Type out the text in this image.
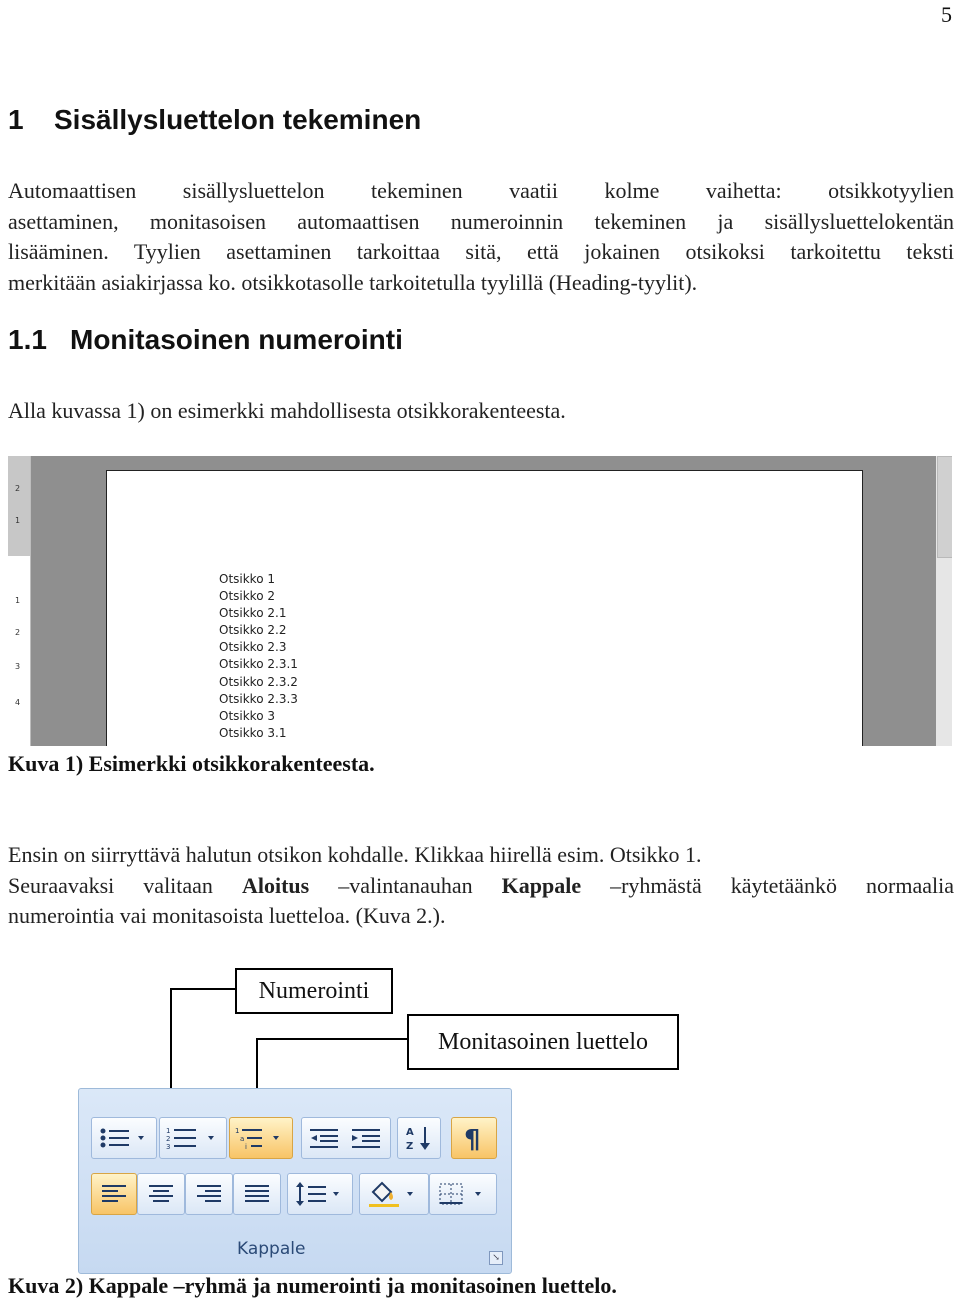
5
1 Sisällysluettelon tekeminen

Automaattisen sisällysluettelon tekeminen vaatii kolme vaihetta: otsikkotyylien
asettaminen, monitasoisen automaattisen numeroinnin tekeminen ja sisällysluettelokentän
lisääminen. Tyylien asettaminen tarkoittaa sitä, että jokainen otsikoksi tarkoitettu teksti
merkitään asiakirjassa ko. otsikkotasolle tarkoitetulla tyylillä (Heading-tyylit).

1.1 Monitasoinen numerointi

Alla kuvassa 1) on esimerkki mahdollisesta otsikkorakenteesta.

2
1
1
2
3
4
Otsikko 1
Otsikko 2
Otsikko 2.1
Otsikko 2.2
Otsikko 2.3
Otsikko 2.3.1
Otsikko 2.3.2
Otsikko 2.3.3
Otsikko 3
Otsikko 3.1
Kuva 1) Esimerkki otsikkorakenteesta.

Ensin on siirryttävä halutun otsikon kohdalle. Klikkaa hiirellä esim. Otsikko 1.
Seuraavaksi valitaan Aloitus –valintanauhan Kappale –ryhmästä käytetäänkö normaalia
numerointia vai monitasoista luetteloa. (Kuva 2.).

Numerointi
Monitasoinen luettelo
1
2
3
1
a
i
A
Z ¶
Kappale	↘
Kuva 2) Kappale –ryhmä ja numerointi ja monitasoinen luettelo.
